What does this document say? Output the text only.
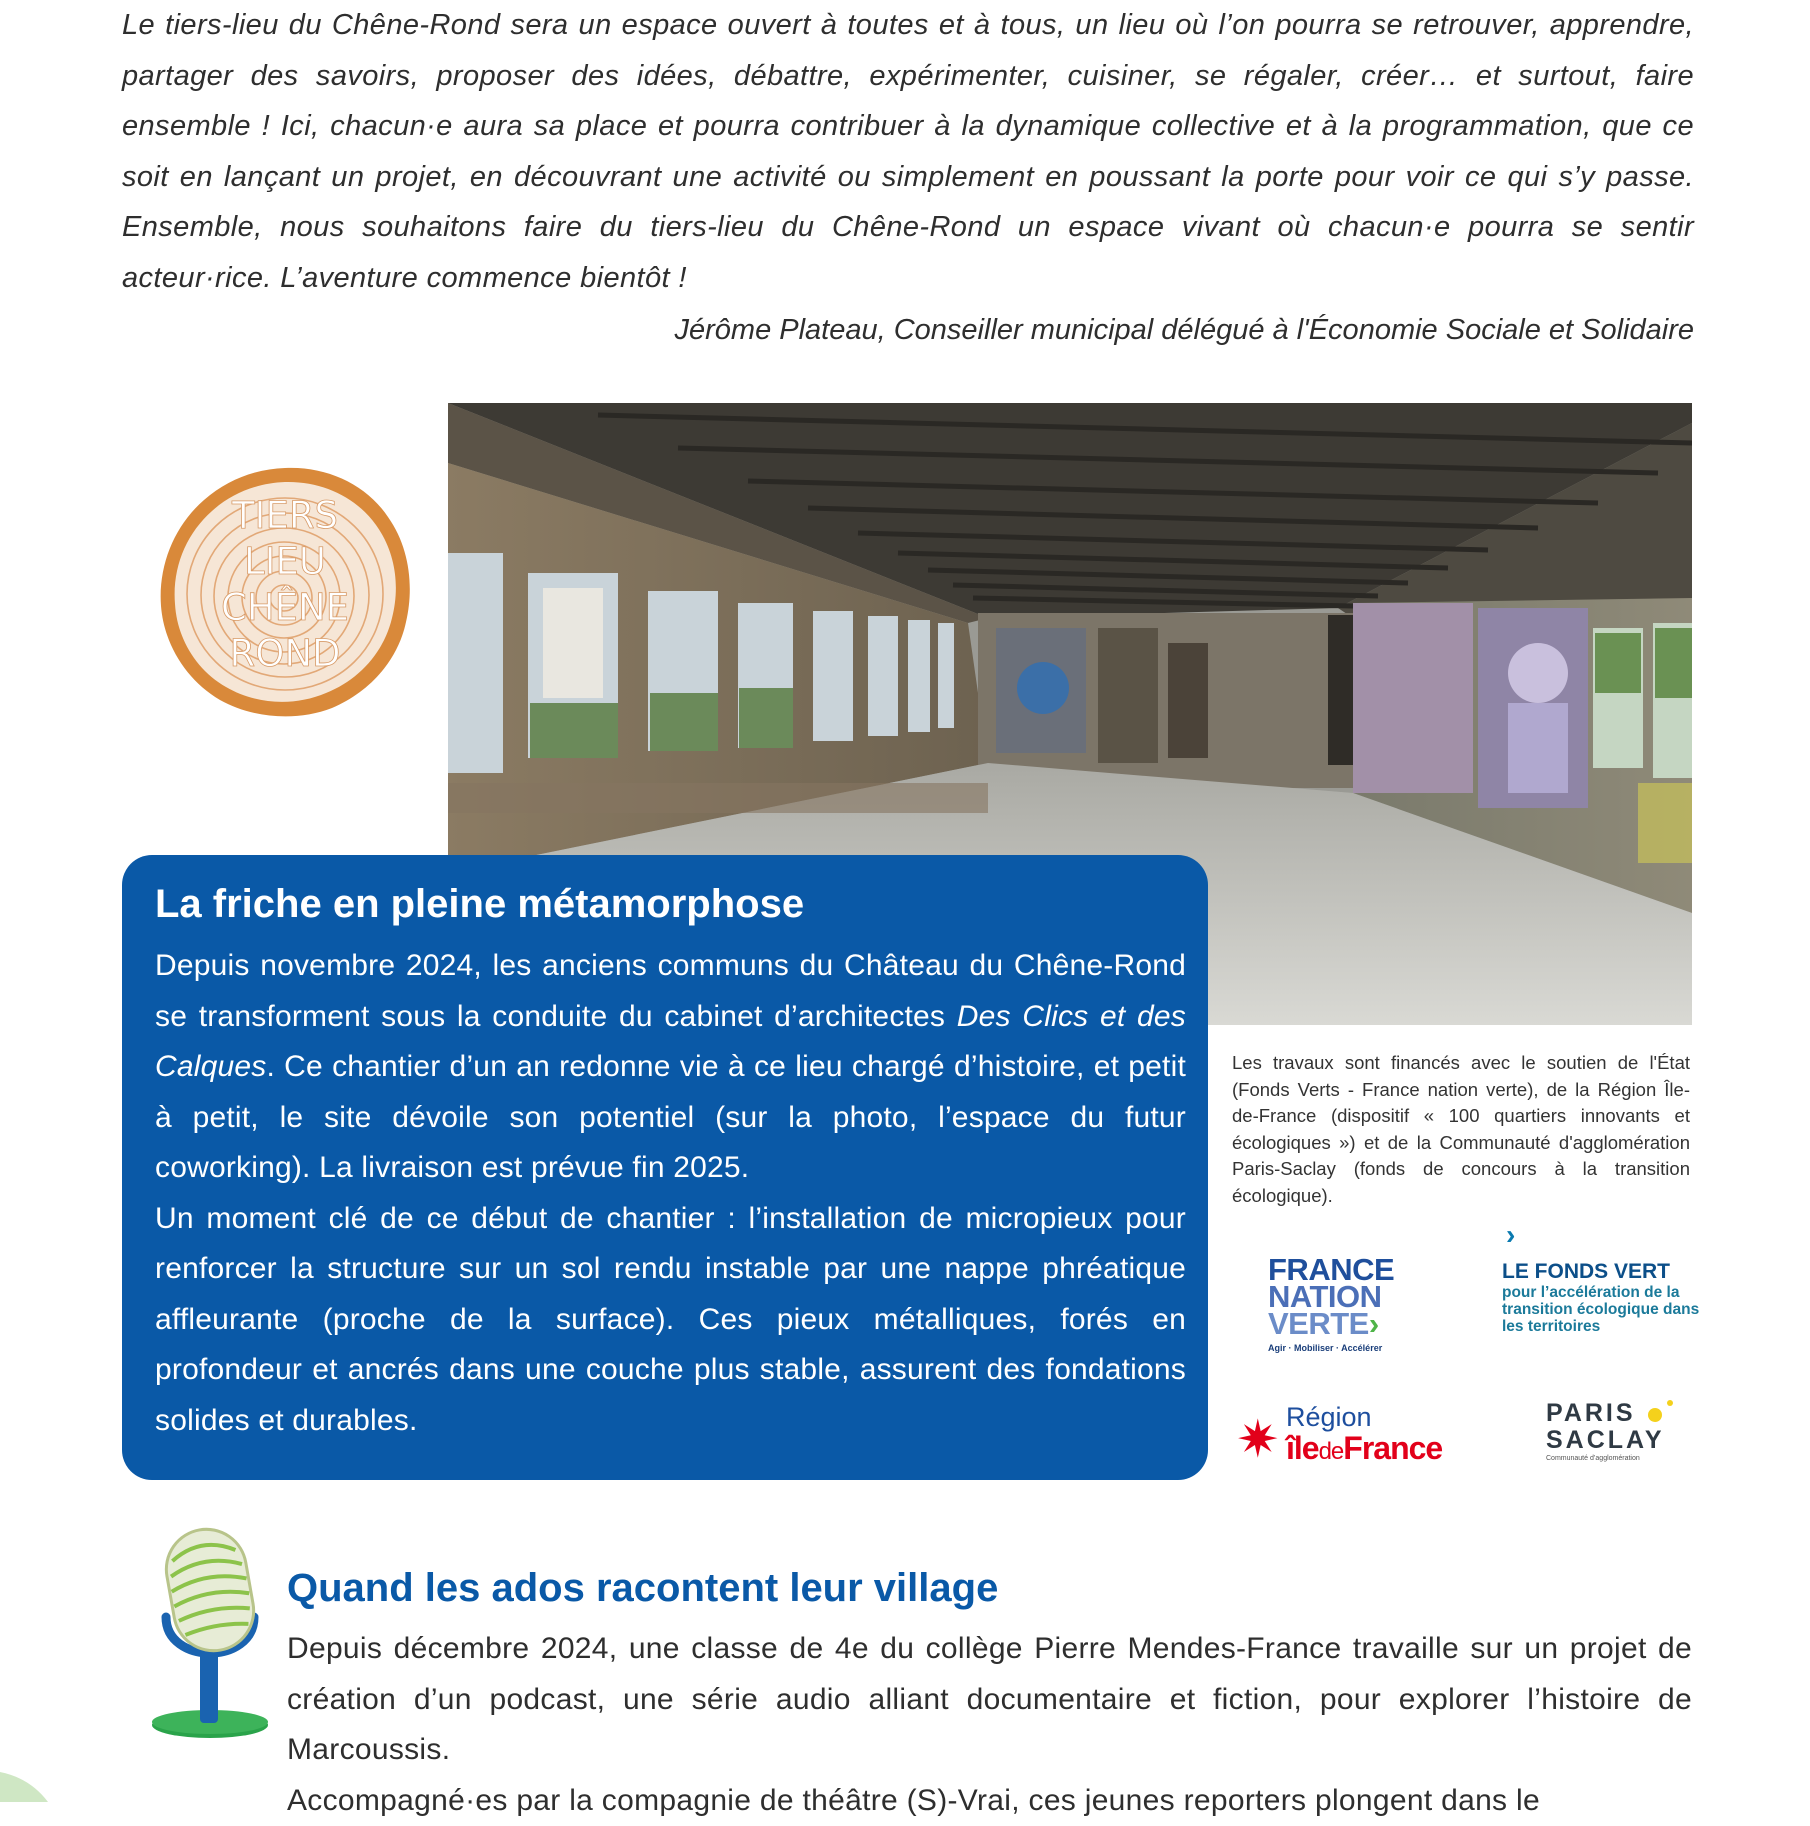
Le tiers-lieu du Chêne-Rond sera un espace ouvert à toutes et à tous, un lieu où l’on pourra se retrouver, apprendre, partager des savoirs, proposer des idées, débattre, expérimenter, cuisiner, se régaler, créer… et surtout, faire ensemble ! Ici, chacun·e aura sa place et pourra contribuer à la dynamique collective et à la programmation, que ce soit en lançant un projet, en découvrant une activité ou simplement en poussant la porte pour voir ce qui s’y passe. Ensemble, nous souhaitons faire du tiers-lieu du Chêne-Rond un espace vivant où chacun·e pourra se sentir acteur·rice. L’aventure commence bientôt !

Jérôme Plateau, Conseiller municipal délégué à l'Économie Sociale et Solidaire

TIERS
LIEU
CHÊNE
ROND
La friche en pleine métamorphose

Depuis novembre 2024, les anciens communs du Château du Chêne-Rond se transforment sous la conduite du cabinet d’architectes Des Clics et des Calques. Ce chantier d’un an redonne vie à ce lieu chargé d’histoire, et petit à petit, le site dévoile son potentiel (sur la photo, l’espace du futur coworking). La livraison est prévue fin 2025.

Un moment clé de ce début de chantier : l’installation de micropieux pour renforcer la structure sur un sol rendu instable par une nappe phréatique affleurante (proche de la surface). Ces pieux métalliques, forés en profondeur et ancrés dans une couche plus stable, assurent des fondations solides et durables.

Les travaux sont financés avec le soutien de l'État (Fonds Verts - France nation verte), de la Région Île-de-France (dispositif « 100 quartiers innovants et écologiques ») et de la Communauté d'agglomération Paris-Saclay (fonds de concours à la transition écologique).

›
FRANCE
NATION
VERTE›
Agir · Mobiliser · Accélérer
LE FONDS VERT
pour l’accélération de la transition écologique dans les territoires
✷ Région
îledeFrance
PARIS
SACLAY
Communauté d’agglomération
Quand les ados racontent leur village
Depuis décembre 2024, une classe de 4e du collège Pierre Mendes-France travaille sur un projet de création d’un podcast, une série audio alliant documentaire et fiction, pour explorer l’histoire de Marcoussis.
Accompagné·es par la compagnie de théâtre (S)-Vrai, ces jeunes reporters plongent dans le
